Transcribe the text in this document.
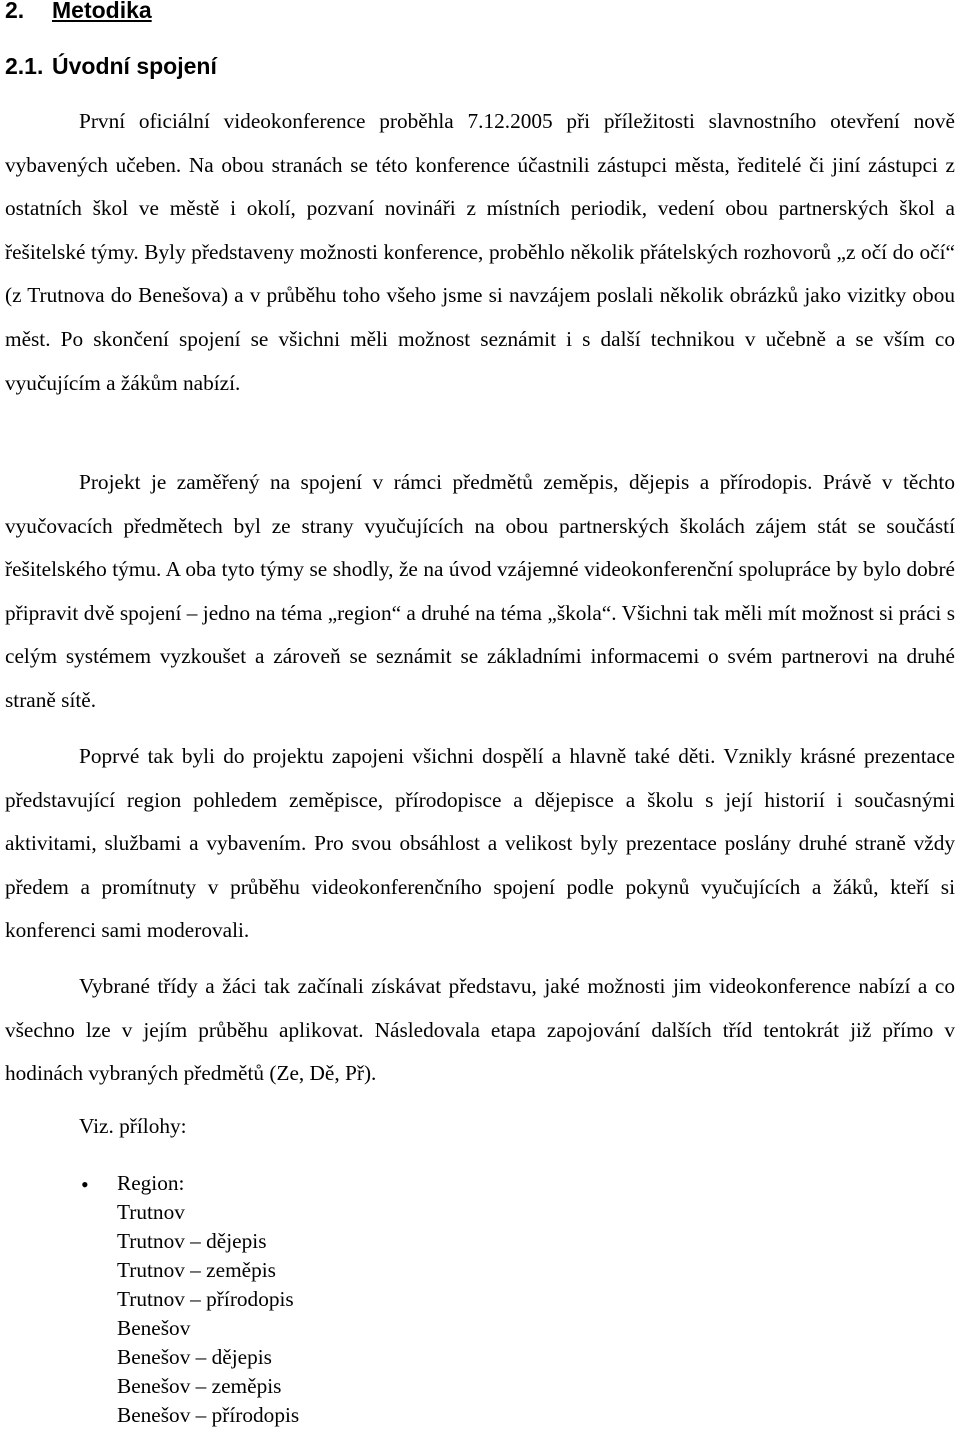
2. Metodika
2.1. Úvodní spojení

První oficiální videokonference proběhla 7.12.2005 při příležitosti slavnostního otevření nově vybavených učeben. Na obou stranách se této konference účastnili zástupci města, ředitelé či jiní zástupci z ostatních škol ve městě i okolí, pozvaní novináři z místních periodik, vedení obou partnerských škol a řešitelské týmy. Byly představeny možnosti konference, proběhlo několik přátelských rozhovorů „z očí do očí“ (z Trutnova do Benešova) a v průběhu toho všeho jsme si navzájem poslali několik obrázků jako vizitky obou měst. Po skončení spojení se všichni měli možnost seznámit i s další technikou v učebně a se vším co vyučujícím a žákům nabízí.

Projekt je zaměřený na spojení v rámci předmětů zeměpis, dějepis a přírodopis. Právě v těchto vyučovacích předmětech byl ze strany vyučujících na obou partnerských školách zájem stát se součástí řešitelského týmu. A oba tyto týmy se shodly, že na úvod vzájemné videokonferenční spolupráce by bylo dobré připravit dvě spojení – jedno na téma „region“ a druhé na téma „škola“. Všichni tak měli mít možnost si práci s celým systémem vyzkoušet a zároveň se seznámit se základními informacemi o svém partnerovi na druhé straně sítě.

Poprvé tak byli do projektu zapojeni všichni dospělí a hlavně také děti. Vznikly krásné prezentace představující region pohledem zeměpisce, přírodopisce a dějepisce a školu s její historií i současnými aktivitami, službami a vybavením. Pro svou obsáhlost a velikost byly prezentace poslány druhé straně vždy předem a promítnuty v průběhu videokonferenčního spojení podle pokynů vyučujících a žáků, kteří si konferenci sami moderovali.

Vybrané třídy a žáci tak začínali získávat představu, jaké možnosti jim videokonference nabízí a co všechno lze v jejím průběhu aplikovat. Následovala etapa zapojování dalších tříd tentokrát již přímo v hodinách vybraných předmětů (Ze, Dě, Př).

Viz. přílohy:

• Region:
Trutnov
Trutnov – dějepis
Trutnov – zeměpis
Trutnov – přírodopis
Benešov
Benešov – dějepis
Benešov – zeměpis
Benešov – přírodopis
